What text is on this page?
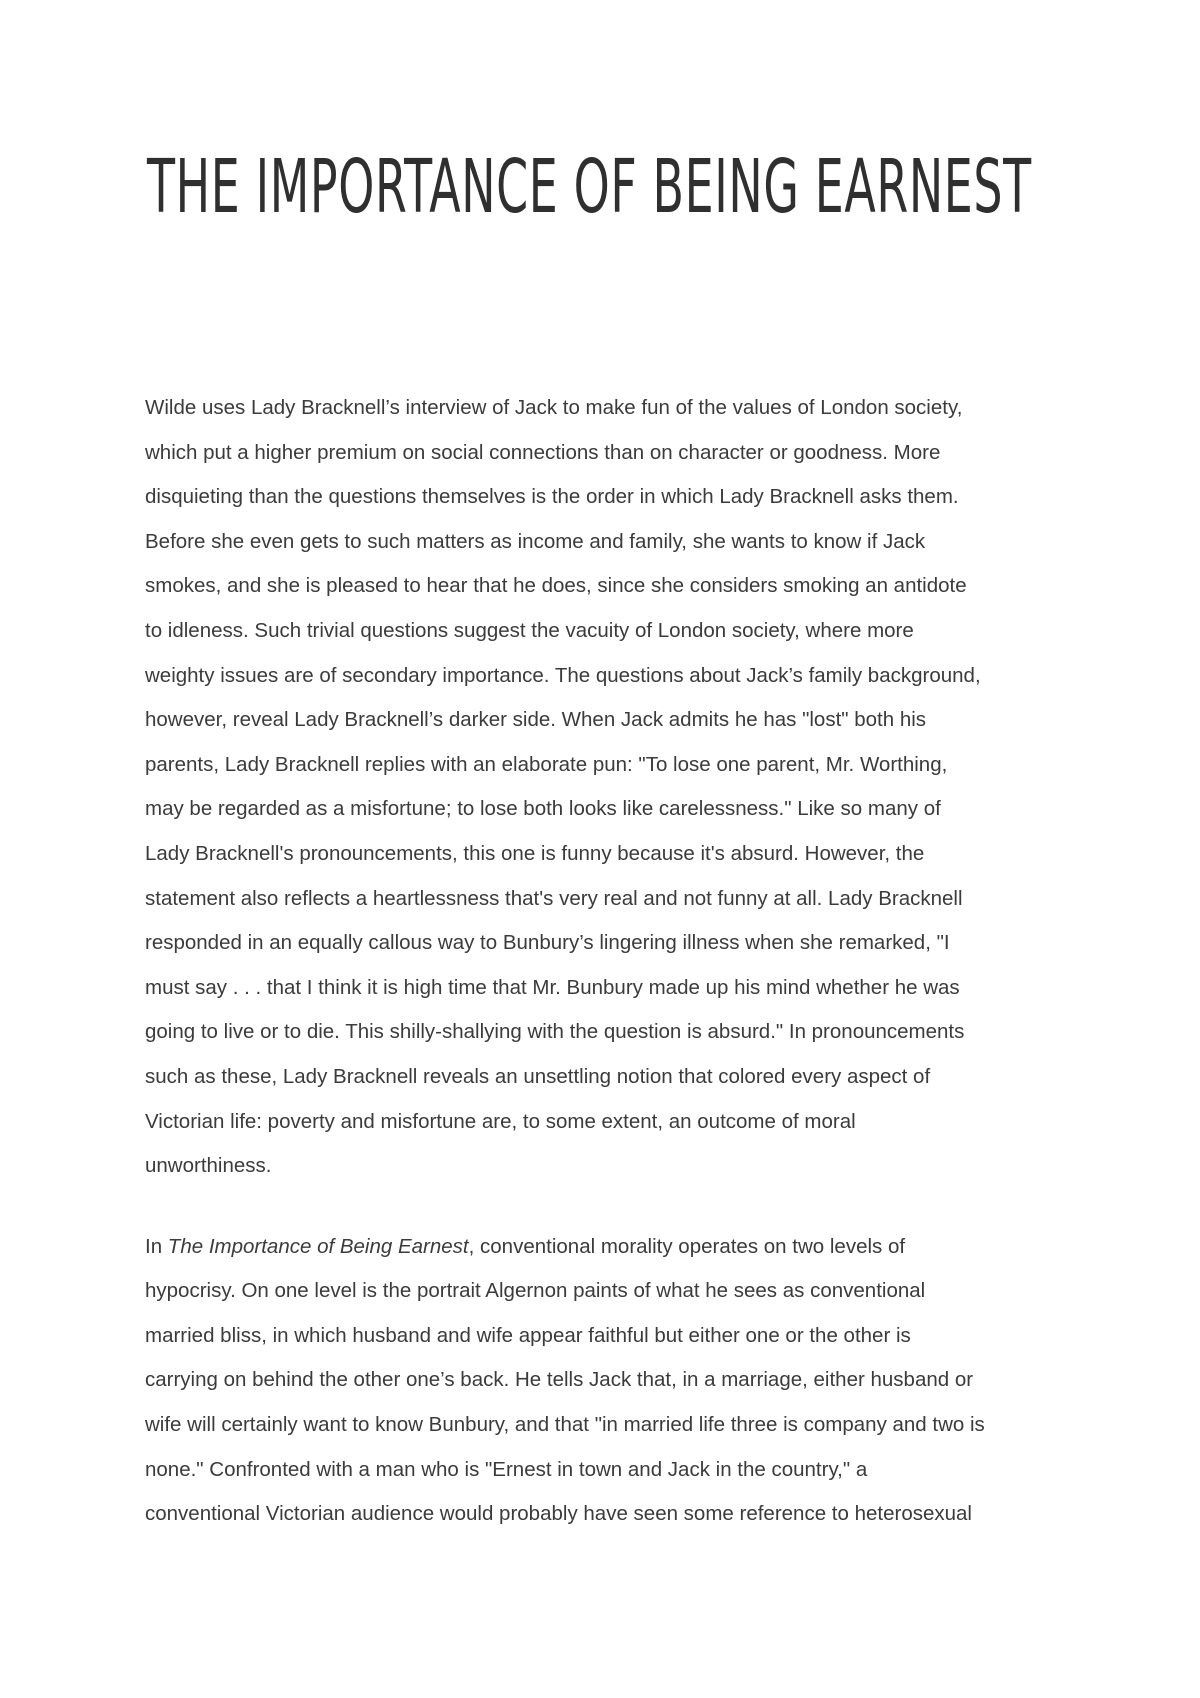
THE IMPORTANCE OF BEING EARNEST

Wilde uses Lady Bracknell’s interview of Jack to make fun of the values of London society,
which put a higher premium on social connections than on character or goodness. More
disquieting than the questions themselves is the order in which Lady Bracknell asks them.
Before she even gets to such matters as income and family, she wants to know if Jack
smokes, and she is pleased to hear that he does, since she considers smoking an antidote
to idleness. Such trivial questions suggest the vacuity of London society, where more
weighty issues are of secondary importance. The questions about Jack’s family background,
however, reveal Lady Bracknell’s darker side. When Jack admits he has "lost" both his
parents, Lady Bracknell replies with an elaborate pun: "To lose one parent, Mr. Worthing,
may be regarded as a misfortune; to lose both looks like carelessness." Like so many of
Lady Bracknell's pronouncements, this one is funny because it's absurd. However, the
statement also reflects a heartlessness that's very real and not funny at all. Lady Bracknell
responded in an equally callous way to Bunbury’s lingering illness when she remarked, "I
must say . . . that I think it is high time that Mr. Bunbury made up his mind whether he was
going to live or to die. This shilly-shallying with the question is absurd." In pronouncements
such as these, Lady Bracknell reveals an unsettling notion that colored every aspect of
Victorian life: poverty and misfortune are, to some extent, an outcome of moral
unworthiness.

In The Importance of Being Earnest, conventional morality operates on two levels of
hypocrisy. On one level is the portrait Algernon paints of what he sees as conventional
married bliss, in which husband and wife appear faithful but either one or the other is
carrying on behind the other one’s back. He tells Jack that, in a marriage, either husband or
wife will certainly want to know Bunbury, and that "in married life three is company and two is
none." Confronted with a man who is "Ernest in town and Jack in the country," a
conventional Victorian audience would probably have seen some reference to heterosexual
